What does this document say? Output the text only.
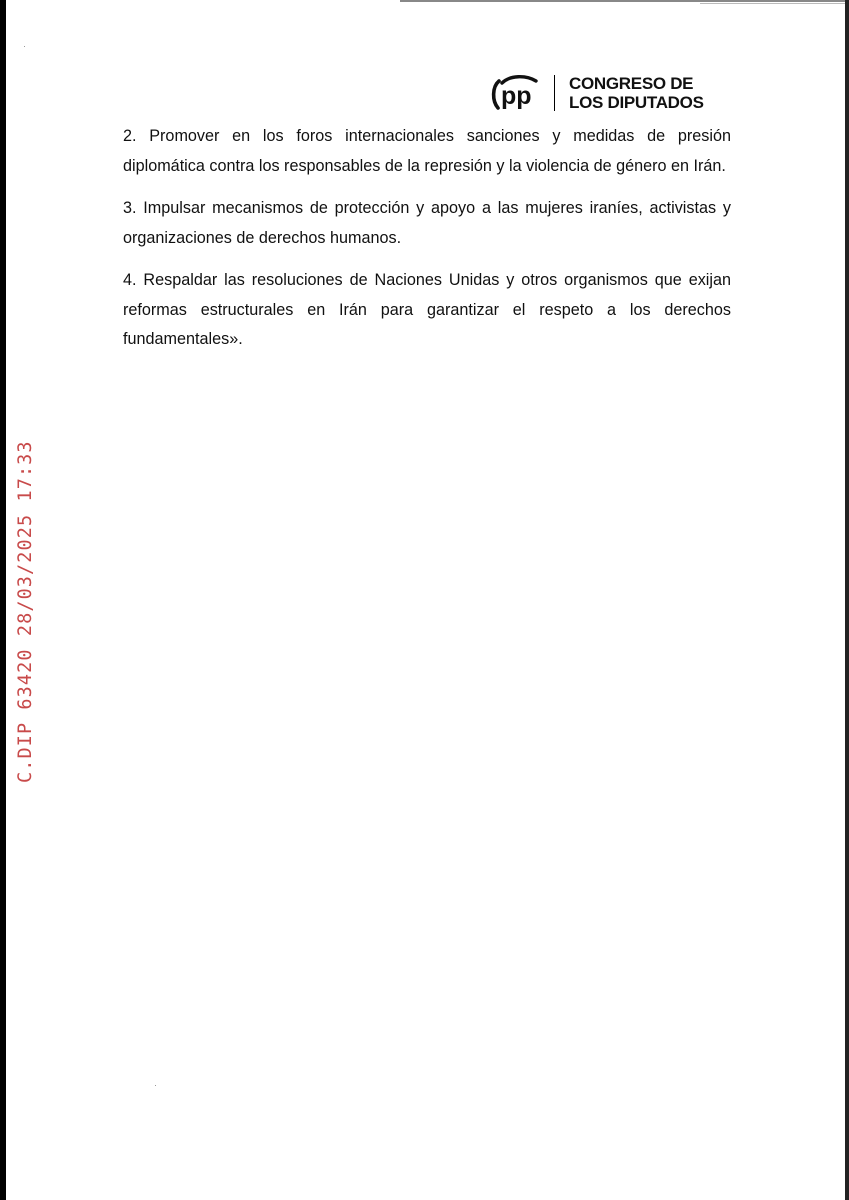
pp CONGRESO DE
LOS DIPUTADOS

2. Promover en los foros internacionales sanciones y medidas de presión diplomática contra los responsables de la represión y la violencia de género en Irán.

3. Impulsar mecanismos de protección y apoyo a las mujeres iraníes, activistas y organizaciones de derechos humanos.

4. Respaldar las resoluciones de Naciones Unidas y otros organismos que exijan reformas estructurales en Irán para garantizar el respeto a los derechos fundamentales».

C.DIP 63420 28/03/2025 17:33
